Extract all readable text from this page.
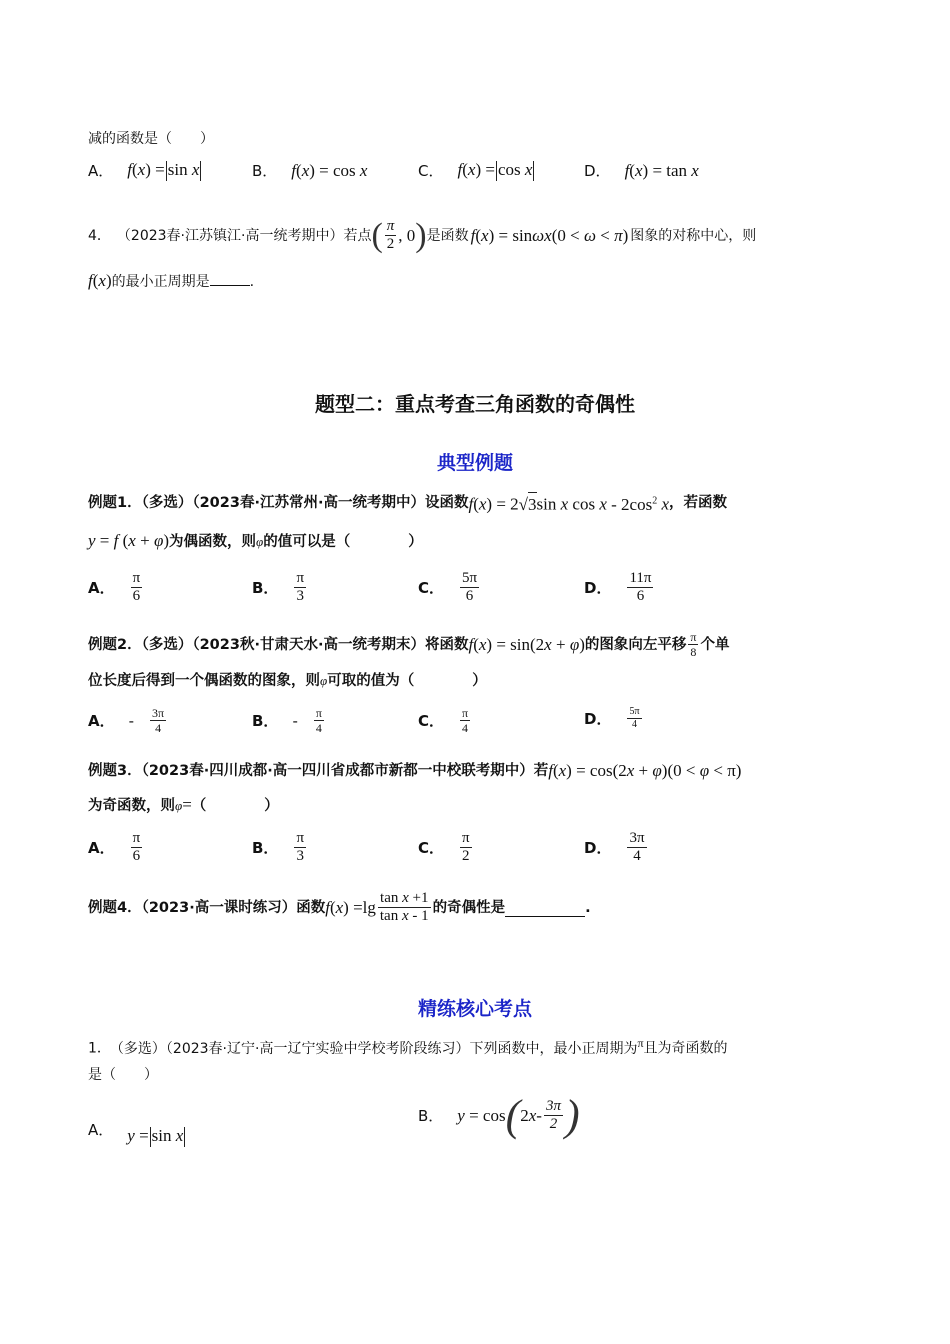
减的函数是（　　）
A． f(x) = sin x	B． f(x) = cos x	C． f(x) = cos x	D． f(x) = tan x
4． （2023春·江苏镇江·高一统考期中）若点 ( $\frac{\pi}{2}$ , 0 ) 是函数 f(x) = sinωx(0 < ω < π) 图象的对称中心，则
f(x)的最小正周期是	.
题型二：重点考查三角函数的奇偶性
典型例题
例题1．（多选）（2023春·江苏常州·高一统考期中）设函数 f(x) = 2√3sin x cos x - $2\cos^2$ x ，若函数
y = f (x + φ)为偶函数，则φ的值可以是（　　　　）
A． $\frac{\pi}{6}$	B． $\frac{\pi}{3}$	C． $\frac{5\pi}{6}$	D． $\frac{11\pi}{6}$
例题2．（多选）（2023秋·甘肃天水·高一统考期末）将函数 f(x) = sin(2x + φ) 的图象向左平移 $\frac{\pi}{8}$ 个单
位长度后得到一个偶函数的图象，则φ可取的值为（　　　　）
A． - $\frac{3\pi}{4}$	B． - $\frac{\pi}{4}$	C． $\frac{\pi}{4}$	D． $\frac{5\pi}{4}$
例题3．（2023春·四川成都·高一四川省成都市新都一中校联考期中）若 f(x) = cos(2x + φ)(0 < φ < π)
为奇函数，则φ=（　　　　）
A． $\frac{\pi}{6}$	B． $\frac{\pi}{3}$	C． $\frac{\pi}{2}$	D． $\frac{3\pi}{4}$
例题4．（2023·高一课时练习）函数 $f(x) =\lg \frac{\text{tan x +1}}{\text{tan x - 1}}$ 的奇偶性是	.
精练核心考点
1． （多选）（2023春·辽宁·高一辽宁实验中学校考阶段练习）下列函数中，最小正周期为π且为奇函数的
是（　　）
A． y = sin x
B． y = cos ( 2 x - $\frac{3\pi}{2}$ )
